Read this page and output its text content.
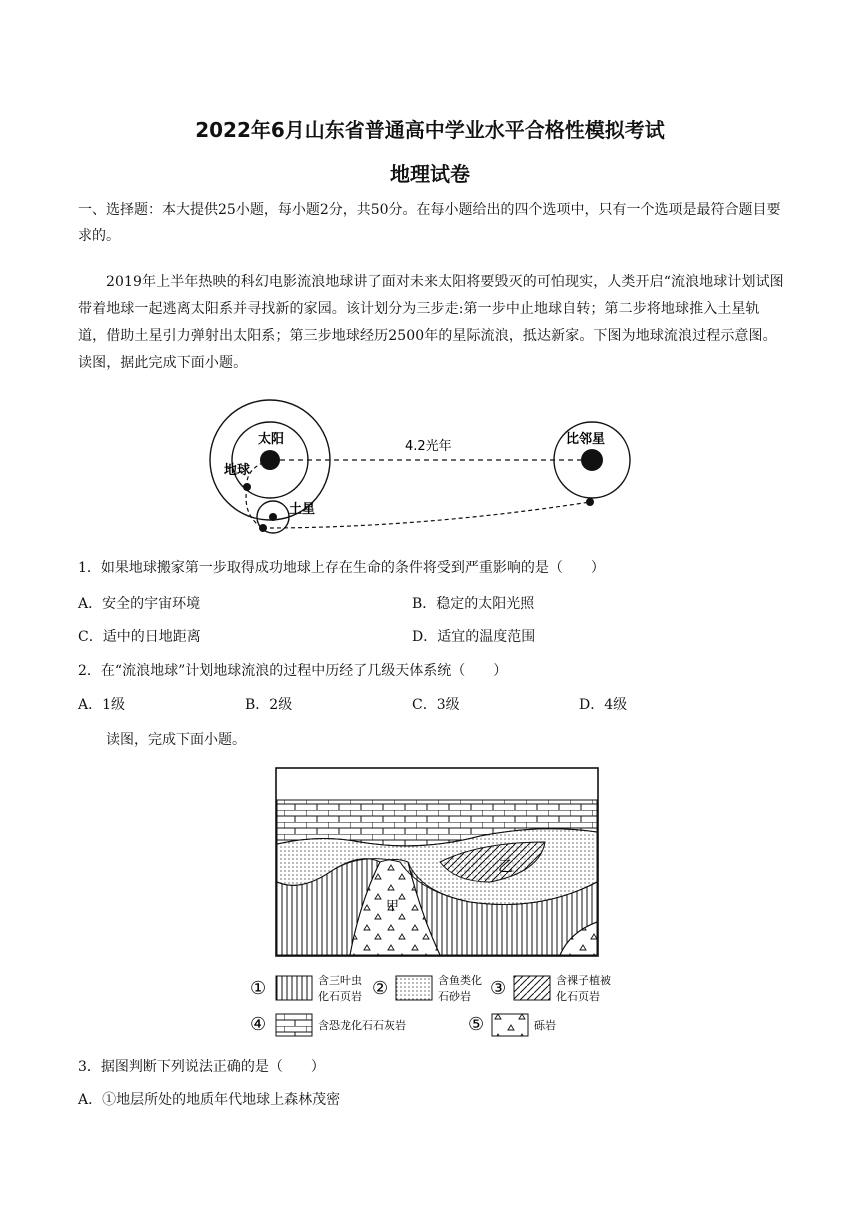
2022年6月山东省普通高中学业水平合格性模拟考试
地理试卷
一、选择题：本大提供25小题，每小题2分，共50分。在每小题给出的四个选项中，只有一个选项是最符合题目要求的。
2019年上半年热映的科幻电影流浪地球讲了面对未来太阳将要毁灭的可怕现实，人类开启“流浪地球计划试图带着地球一起逃离太阳系并寻找新的家园。该计划分为三步走:第一步中止地球自转；第二步将地球推入土星轨道，借助土星引力弹射出太阳系；第三步地球经历2500年的星际流浪，抵达新家。下图为地球流浪过程示意图。读图，据此完成下面小题。
太阳
地球
土星
比邻星
4.2光年
1．如果地球搬家第一步取得成功地球上存在生命的条件将受到严重影响的是（　　）
A．安全的宇宙环境	B．稳定的太阳光照
C．适中的日地距离	D．适宜的温度范围
2．在“流浪地球”计划地球流浪的过程中历经了几级天体系统（　　）
A．1级	B．2级	C．3级	D．4级
读图，完成下面小题。
甲
乙
①	含三叶虫
化石页岩 ②	含鱼类化
石砂岩 ③	含裸子植被
化石页岩
④	含恐龙化石石灰岩	⑤	砾岩
3．据图判断下列说法正确的是（　　）
A．①地层所处的地质年代地球上森林茂密
